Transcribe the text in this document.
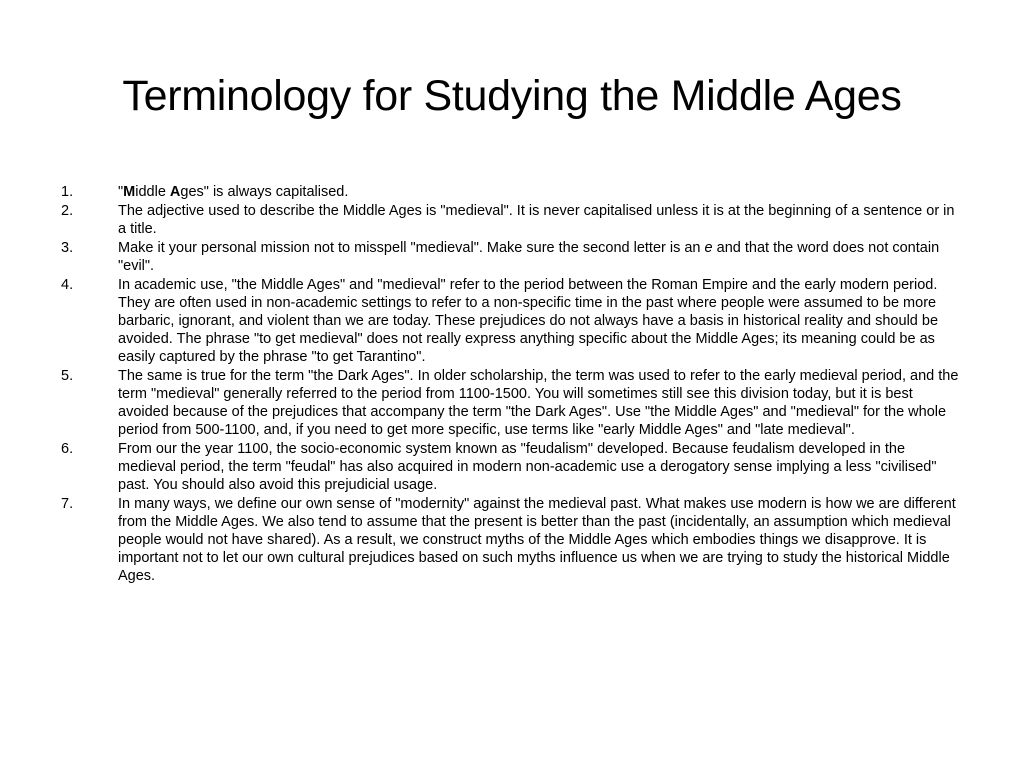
Terminology for Studying the Middle Ages
1.	"Middle Ages" is always capitalised.
2.	The adjective used to describe the Middle Ages is "medieval". It is never capitalised unless it is at the beginning of a sentence or in a title.
3.	Make it your personal mission not to misspell "medieval". Make sure the second letter is an e and that the word does not contain "evil".
4.	In academic use, "the Middle Ages" and "medieval" refer to the period between the Roman Empire and the early modern period. They are often used in non-academic settings to refer to a non-specific time in the past where people were assumed to be more barbaric, ignorant, and violent than we are today. These prejudices do not always have a basis in historical reality and should be avoided. The phrase "to get medieval" does not really express anything specific about the Middle Ages; its meaning could be as easily captured by the phrase "to get Tarantino".
5.	The same is true for the term "the Dark Ages". In older scholarship, the term was used to refer to the early medieval period, and the term "medieval" generally referred to the period from 1100-1500. You will sometimes still see this division today, but it is best avoided because of the prejudices that accompany the term "the Dark Ages". Use "the Middle Ages" and "medieval" for the whole period from 500-1100, and, if you need to get more specific, use terms like "early Middle Ages" and "late medieval".
6.	From our the year 1100, the socio-economic system known as "feudalism" developed. Because feudalism developed in the medieval period, the term "feudal" has also acquired in modern non-academic use a derogatory sense implying a less "civilised" past. You should also avoid this prejudicial usage.
7.	In many ways, we define our own sense of "modernity" against the medieval past. What makes use modern is how we are different from the Middle Ages. We also tend to assume that the present is better than the past (incidentally, an assumption which medieval people would not have shared). As a result, we construct myths of the Middle Ages which embodies things we disapprove. It is important not to let our own cultural prejudices based on such myths influence us when we are trying to study the historical Middle Ages.
